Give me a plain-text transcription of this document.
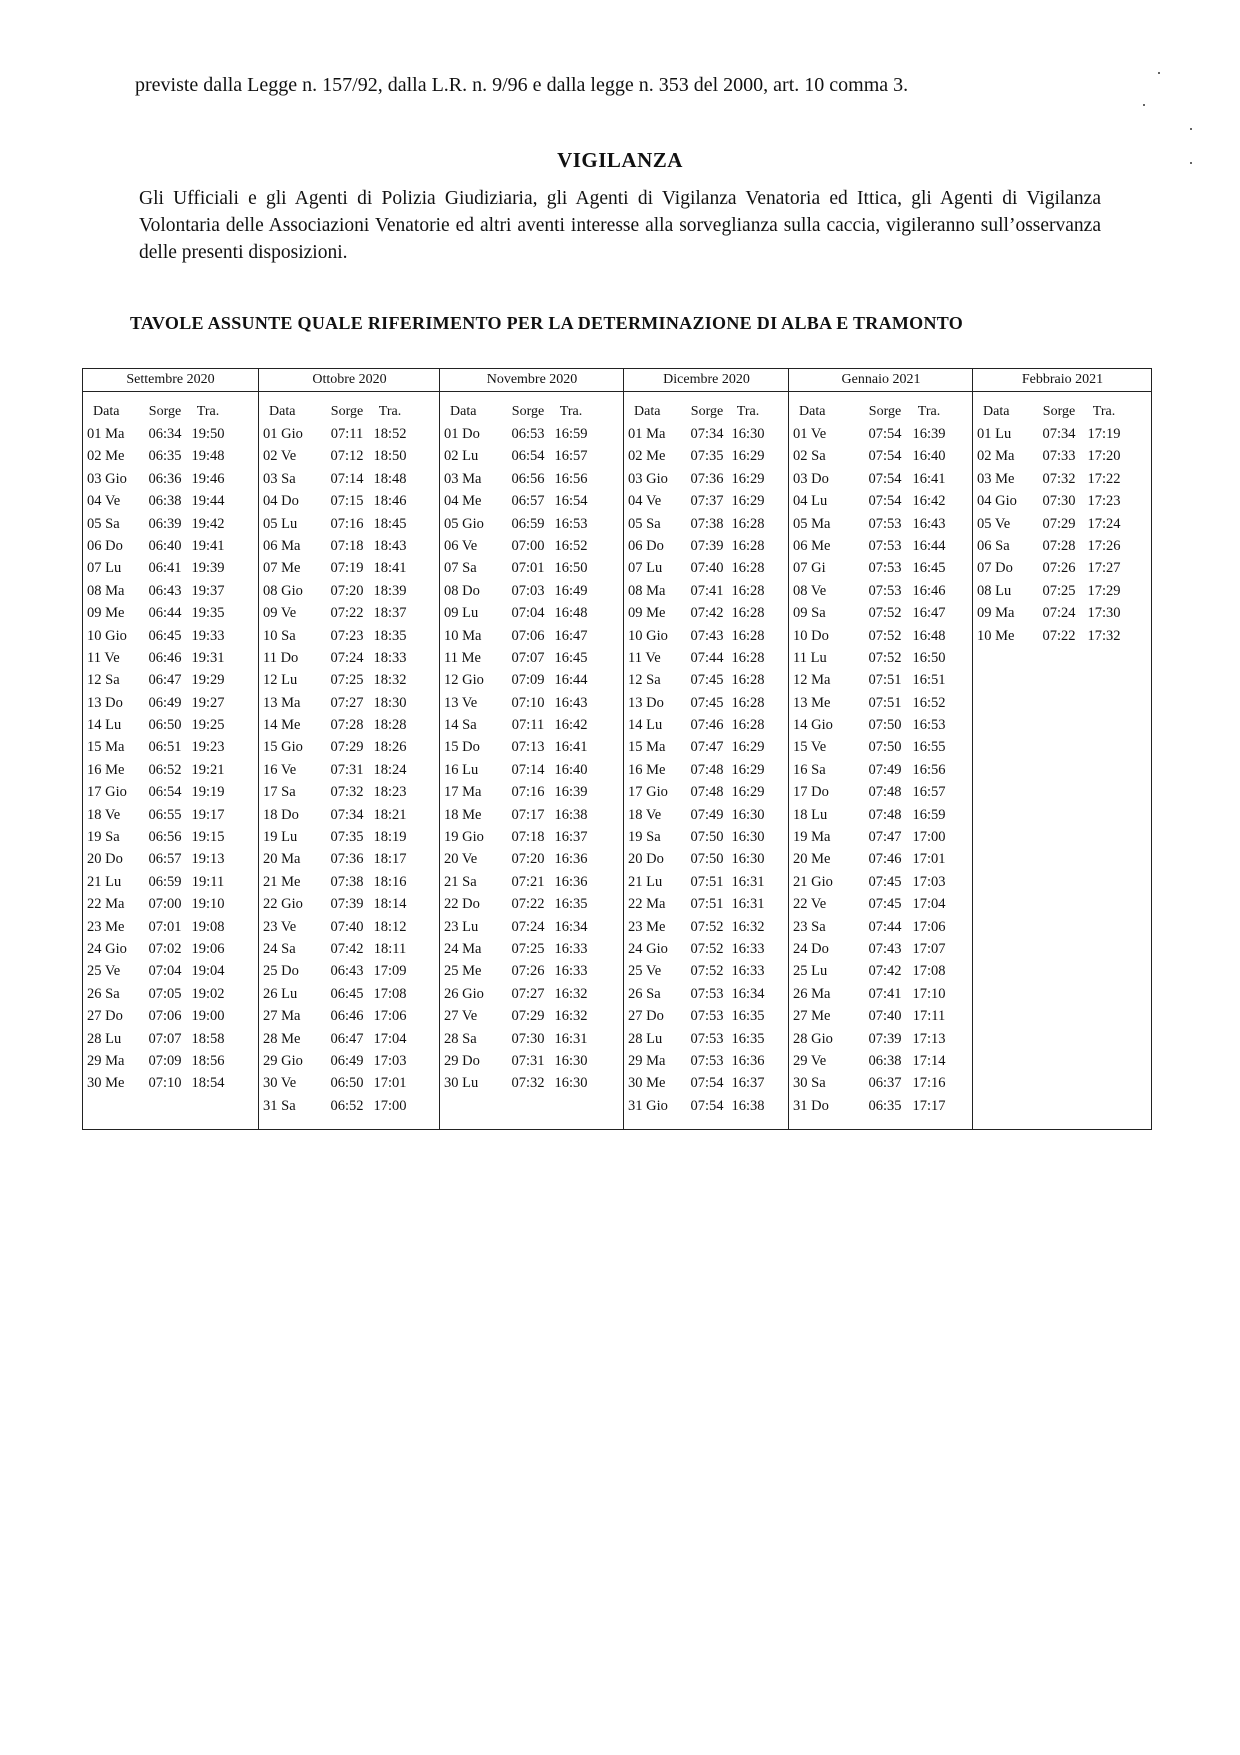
previste dalla Legge n. 157/92, dalla L.R. n. 9/96 e dalla legge n. 353 del 2000, art. 10 comma 3.
VIGILANZA
Gli Ufficiali e gli Agenti di Polizia Giudiziaria, gli Agenti di Vigilanza Venatoria ed Ittica, gli Agenti di Vigilanza Volontaria delle Associazioni Venatorie ed altri aventi interesse alla sorveglianza sulla caccia, vigileranno sull’osservanza delle presenti disposizioni.
TAVOLE ASSUNTE QUALE RIFERIMENTO PER LA DETERMINAZIONE DI ALBA E TRAMONTO
Settembre 2020
Data	Sorge	Tra.
01 Ma	06:34 19:50
02 Me	06:35 19:48
03 Gio	06:36 19:46
04 Ve	06:38 19:44
05 Sa	06:39 19:42
06 Do	06:40 19:41
07 Lu	06:41 19:39
08 Ma	06:43 19:37
09 Me	06:44 19:35
10 Gio	06:45 19:33
11 Ve	06:46 19:31
12 Sa	06:47 19:29
13 Do	06:49 19:27
14 Lu	06:50 19:25
15 Ma	06:51 19:23
16 Me	06:52 19:21
17 Gio	06:54 19:19
18 Ve	06:55 19:17
19 Sa	06:56 19:15
20 Do	06:57 19:13
21 Lu	06:59 19:11
22 Ma	07:00 19:10
23 Me	07:01 19:08
24 Gio	07:02 19:06
25 Ve	07:04 19:04
26 Sa	07:05 19:02
27 Do	07:06 19:00
28 Lu	07:07 18:58
29 Ma	07:09 18:56
30 Me	07:10 18:54
Ottobre 2020
Data	Sorge	Tra.
01 Gio	07:11 18:52
02 Ve	07:12 18:50
03 Sa	07:14 18:48
04 Do	07:15 18:46
05 Lu	07:16 18:45
06 Ma	07:18 18:43
07 Me	07:19 18:41
08 Gio	07:20 18:39
09 Ve	07:22 18:37
10 Sa	07:23 18:35
11 Do	07:24 18:33
12 Lu	07:25 18:32
13 Ma	07:27 18:30
14 Me	07:28 18:28
15 Gio	07:29 18:26
16 Ve	07:31 18:24
17 Sa	07:32 18:23
18 Do	07:34 18:21
19 Lu	07:35 18:19
20 Ma	07:36 18:17
21 Me	07:38 18:16
22 Gio	07:39 18:14
23 Ve	07:40 18:12
24 Sa	07:42 18:11
25 Do	06:43 17:09
26 Lu	06:45 17:08
27 Ma	06:46 17:06
28 Me	06:47 17:04
29 Gio	06:49 17:03
30 Ve	06:50 17:01
31 Sa	06:52 17:00
Novembre 2020
Data	Sorge	Tra.
01 Do	06:53 16:59
02 Lu	06:54 16:57
03 Ma	06:56 16:56
04 Me	06:57 16:54
05 Gio	06:59 16:53
06 Ve	07:00 16:52
07 Sa	07:01 16:50
08 Do	07:03 16:49
09 Lu	07:04 16:48
10 Ma	07:06 16:47
11 Me	07:07 16:45
12 Gio	07:09 16:44
13 Ve	07:10 16:43
14 Sa	07:11 16:42
15 Do	07:13 16:41
16 Lu	07:14 16:40
17 Ma	07:16 16:39
18 Me	07:17 16:38
19 Gio	07:18 16:37
20 Ve	07:20 16:36
21 Sa	07:21 16:36
22 Do	07:22 16:35
23 Lu	07:24 16:34
24 Ma	07:25 16:33
25 Me	07:26 16:33
26 Gio	07:27 16:32
27 Ve	07:29 16:32
28 Sa	07:30 16:31
29 Do	07:31 16:30
30 Lu	07:32 16:30
Dicembre 2020
Data	Sorge Tra.
01 Ma	07:34 16:30
02 Me	07:35 16:29
03 Gio	07:36 16:29
04 Ve	07:37 16:29
05 Sa	07:38 16:28
06 Do	07:39 16:28
07 Lu	07:40 16:28
08 Ma	07:41 16:28
09 Me	07:42 16:28
10 Gio	07:43 16:28
11 Ve	07:44 16:28
12 Sa	07:45 16:28
13 Do	07:45 16:28
14 Lu	07:46 16:28
15 Ma	07:47 16:29
16 Me	07:48 16:29
17 Gio	07:48 16:29
18 Ve	07:49 16:30
19 Sa	07:50 16:30
20 Do	07:50 16:30
21 Lu	07:51 16:31
22 Ma	07:51 16:31
23 Me	07:52 16:32
24 Gio	07:52 16:33
25 Ve	07:52 16:33
26 Sa	07:53 16:34
27 Do	07:53 16:35
28 Lu	07:53 16:35
29 Ma	07:53 16:36
30 Me	07:54 16:37
31 Gio	07:54 16:38
Gennaio 2021
Data	Sorge	Tra.
01 Ve	07:54 16:39
02 Sa	07:54 16:40
03 Do	07:54 16:41
04 Lu	07:54 16:42
05 Ma	07:53 16:43
06 Me	07:53 16:44
07 Gi	07:53 16:45
08 Ve	07:53 16:46
09 Sa	07:52 16:47
10 Do	07:52 16:48
11 Lu	07:52 16:50
12 Ma	07:51 16:51
13 Me	07:51 16:52
14 Gio	07:50 16:53
15 Ve	07:50 16:55
16 Sa	07:49 16:56
17 Do	07:48 16:57
18 Lu	07:48 16:59
19 Ma	07:47 17:00
20 Me	07:46 17:01
21 Gio	07:45 17:03
22 Ve	07:45 17:04
23 Sa	07:44 17:06
24 Do	07:43 17:07
25 Lu	07:42 17:08
26 Ma	07:41 17:10
27 Me	07:40 17:11
28 Gio	07:39 17:13
29 Ve	06:38 17:14
30 Sa	06:37 17:16
31 Do	06:35 17:17
Febbraio 2021
Data	Sorge	Tra.
01 Lu	07:34 17:19
02 Ma	07:33 17:20
03 Me	07:32 17:22
04 Gio	07:30 17:23
05 Ve	07:29 17:24
06 Sa	07:28 17:26
07 Do	07:26 17:27
08 Lu	07:25 17:29
09 Ma	07:24 17:30
10 Me	07:22 17:32
